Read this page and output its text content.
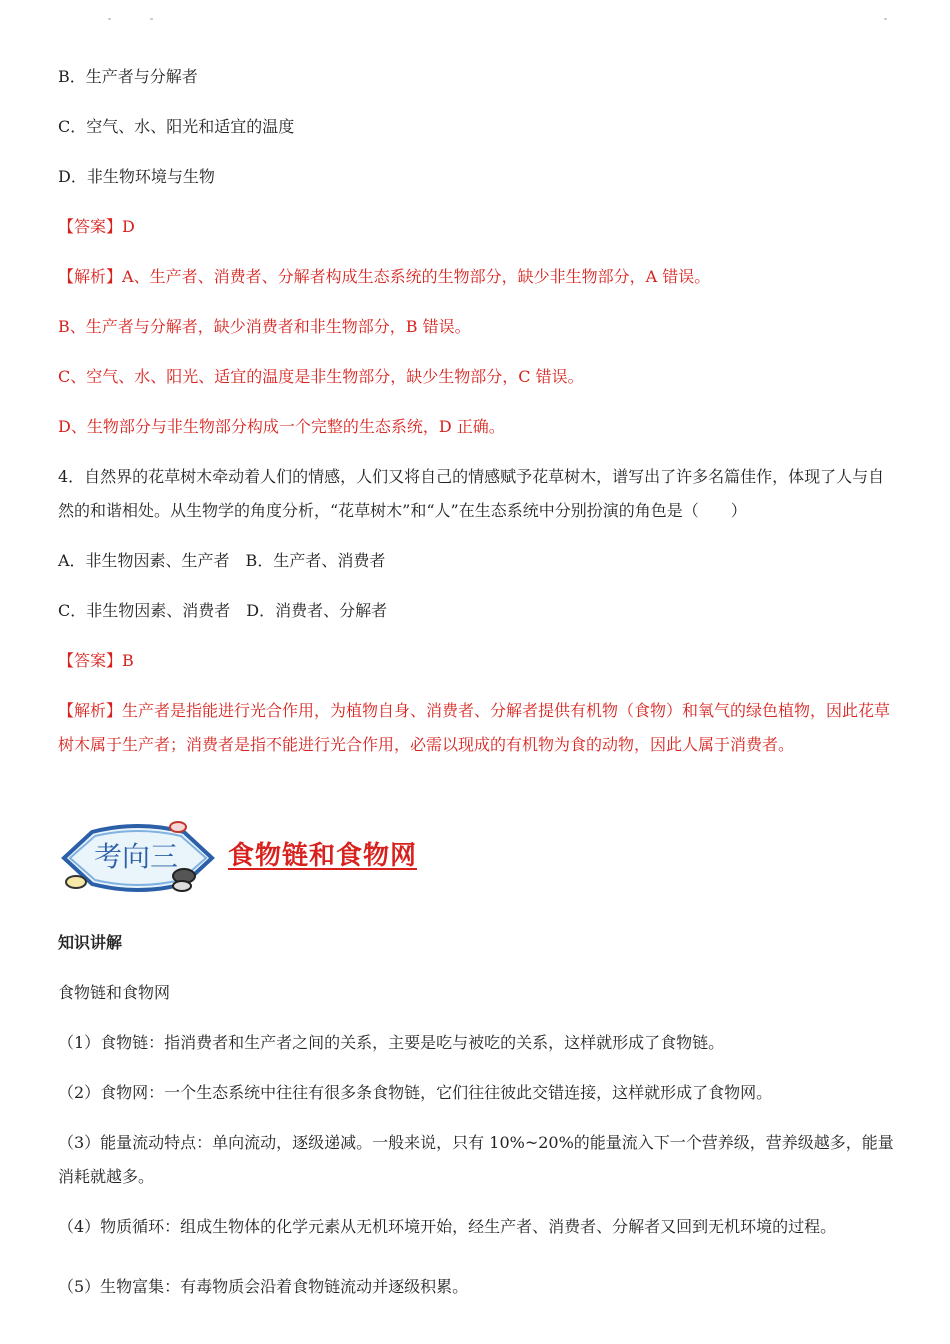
B．生产者与分解者
C．空气、水、阳光和适宜的温度
D．非生物环境与生物
【答案】D
【解析】A、生产者、消费者、分解者构成生态系统的生物部分，缺少非生物部分，A 错误。
B、生产者与分解者，缺少消费者和非生物部分，B 错误。
C、空气、水、阳光、适宜的温度是非生物部分，缺少生物部分，C 错误。
D、生物部分与非生物部分构成一个完整的生态系统，D 正确。
4．自然界的花草树木牵动着人们的情感，人们又将自己的情感赋予花草树木，谱写出了许多名篇佳作，体现了人与自然的和谐相处。从生物学的角度分析，“花草树木”和“人”在生态系统中分别扮演的角色是（　　）
A．非生物因素、生产者　B．生产者、消费者
C．非生物因素、消费者　D．消费者、分解者
【答案】B
【解析】生产者是指能进行光合作用，为植物自身、消费者、分解者提供有机物（食物）和氧气的绿色植物，因此花草树木属于生产者；消费者是指不能进行光合作用，必需以现成的有机物为食的动物，因此人属于消费者。
考向三 食物链和食物网
知识讲解
食物链和食物网
（1）食物链：指消费者和生产者之间的关系，主要是吃与被吃的关系，这样就形成了食物链。
（2）食物网：一个生态系统中往往有很多条食物链，它们往往彼此交错连接，这样就形成了食物网。
（3）能量流动特点：单向流动，逐级递减。一般来说，只有 10%~20%的能量流入下一个营养级，营养级越多，能量消耗就越多。
（4）物质循环：组成生物体的化学元素从无机环境开始，经生产者、消费者、分解者又回到无机环境的过程。
（5）生物富集：有毒物质会沿着食物链流动并逐级积累。
